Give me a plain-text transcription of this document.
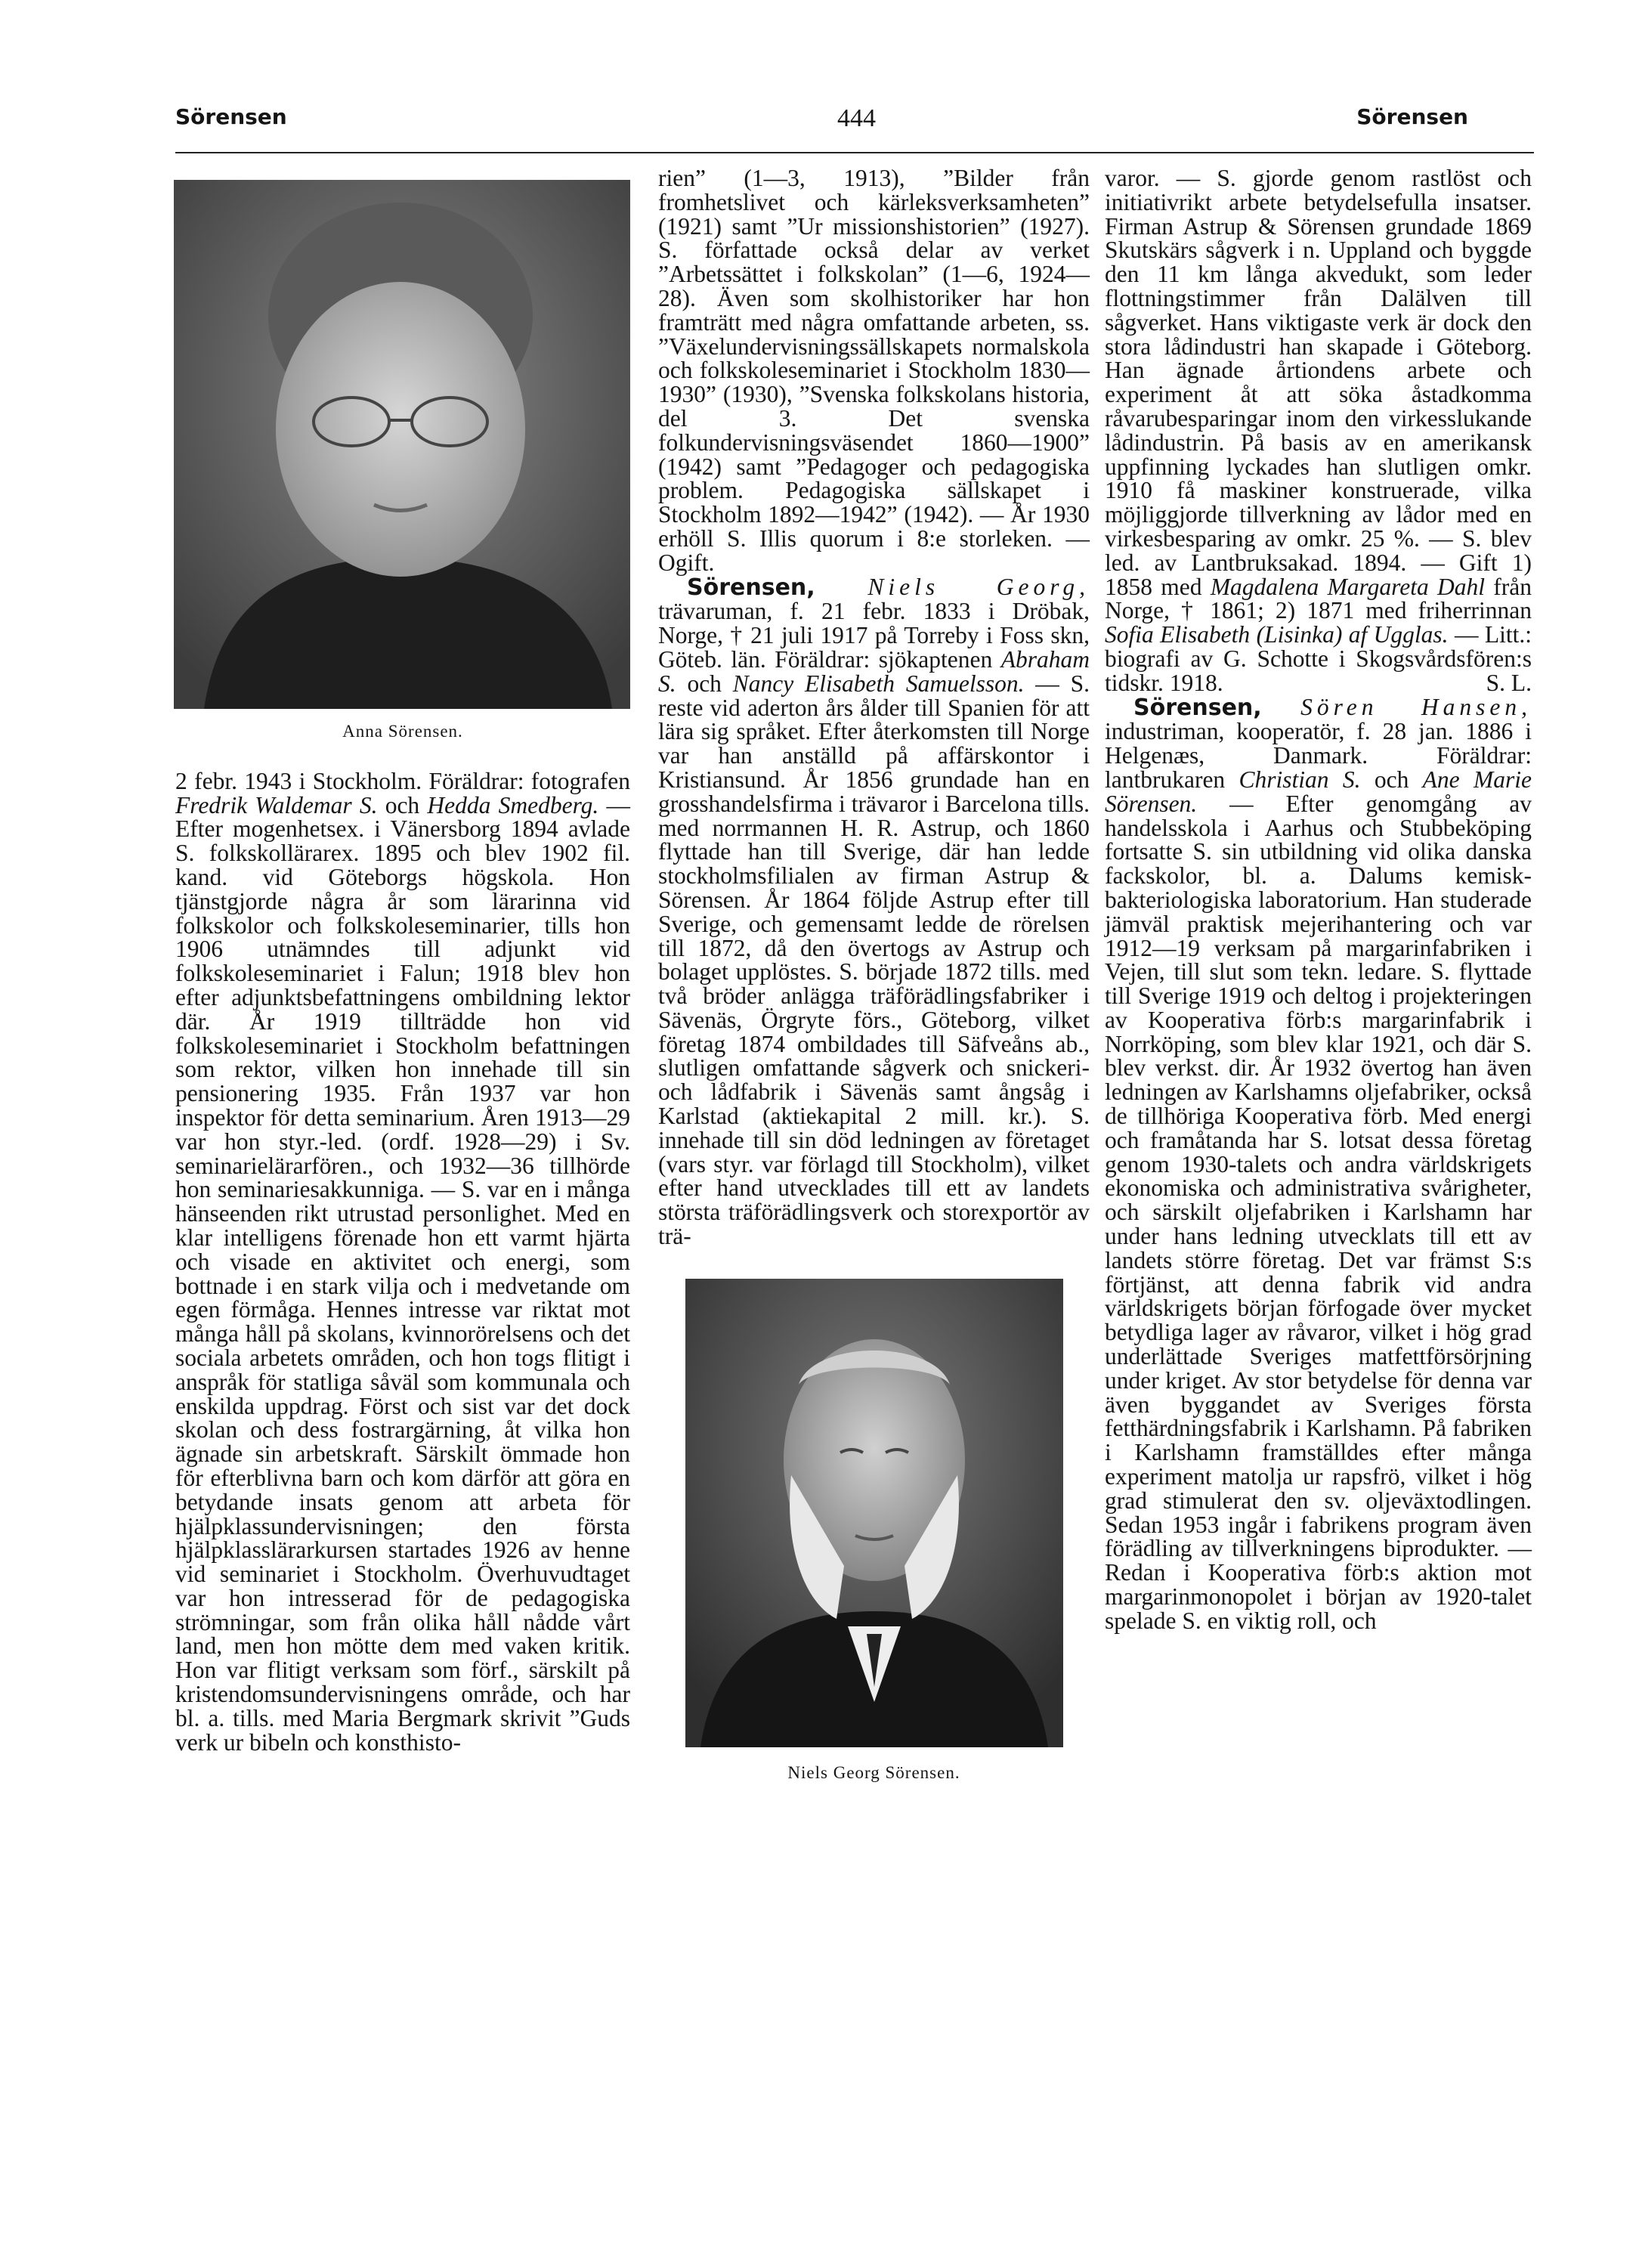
Sörensen	444	Sörensen
Anna Sörensen.

2 febr. 1943 i Stockholm. Föräldrar: fotografen Fredrik Waldemar S. och Hedda Smedberg. — Efter mogenhetsex. i Vänersborg 1894 avlade S. folkskollärarex. 1895 och blev 1902 fil. kand. vid Göteborgs högskola. Hon tjänstgjorde några år som lärarinna vid folkskolor och folkskoleseminarier, tills hon 1906 utnämndes till adjunkt vid folkskoleseminariet i Falun; 1918 blev hon efter adjunktsbefattningens ombildning lektor där. År 1919 tillträdde hon vid folkskoleseminariet i Stockholm befattningen som rektor, vilken hon innehade till sin pensionering 1935. Från 1937 var hon inspektor för detta seminarium. Åren 1913—29 var hon styr.-led. (ordf. 1928—29) i Sv. seminarielärarfören., och 1932—36 tillhörde hon seminariesakkunniga. — S. var en i många hänseenden rikt utrustad personlighet. Med en klar intelligens förenade hon ett varmt hjärta och visade en aktivitet och energi, som bottnade i en stark vilja och i medvetande om egen förmåga. Hennes intresse var riktat mot många håll på skolans, kvinnorörelsens och det sociala arbetets områden, och hon togs flitigt i anspråk för statliga såväl som kommunala och enskilda uppdrag. Först och sist var det dock skolan och dess fostrargärning, åt vilka hon ägnade sin arbetskraft. Särskilt ömmade hon för efterblivna barn och kom därför att göra en betydande insats genom att arbeta för hjälpklassundervisningen; den första hjälpklasslärarkursen startades 1926 av henne vid seminariet i Stockholm. Överhuvudtaget var hon intresserad för de pedagogiska strömningar, som från olika håll nådde vårt land, men hon mötte dem med vaken kritik. Hon var flitigt verksam som förf., särskilt på kristendomsundervisningens område, och har bl. a. tills. med Maria Bergmark skrivit ”Guds verk ur bibeln och konsthisto-

rien” (1—3, 1913), ”Bilder från fromhetslivet och kärleksverksamheten” (1921) samt ”Ur missionshistorien” (1927). S. författade också delar av verket ”Arbetssättet i folkskolan” (1—6, 1924—28). Även som skolhistoriker har hon framträtt med några omfattande arbeten, ss. ”Växelundervisningssällskapets normalskola och folkskoleseminariet i Stockholm 1830—1930” (1930), ”Svenska folkskolans historia, del 3. Det svenska folkundervisningsväsendet 1860—1900” (1942) samt ”Pedagoger och pedagogiska problem. Pedagogiska sällskapet i Stockholm 1892—1942” (1942). — År 1930 erhöll S. Illis quorum i 8:e storleken. — Ogift.

Sörensen, Niels Georg, trävaruman, f. 21 febr. 1833 i Dröbak, Norge, † 21 juli 1917 på Torreby i Foss skn, Göteb. län. Föräldrar: sjökaptenen Abraham S. och Nancy Elisabeth Samuelsson. — S. reste vid aderton års ålder till Spanien för att lära sig språket. Efter återkomsten till Norge var han anställd på affärskontor i Kristiansund. År 1856 grundade han en grosshandelsfirma i trävaror i Barcelona tills. med norrmannen H. R. Astrup, och 1860 flyttade han till Sverige, där han ledde stockholmsfilialen av firman Astrup & Sörensen. År 1864 följde Astrup efter till Sverige, och gemensamt ledde de rörelsen till 1872, då den övertogs av Astrup och bolaget upplöstes. S. började 1872 tills. med två bröder anlägga träförädlingsfabriker i Sävenäs, Örgryte förs., Göteborg, vilket företag 1874 ombildades till Säfveåns ab., slutligen omfattande sågverk och snickeri- och lådfabrik i Sävenäs samt ångsåg i Karlstad (aktiekapital 2 mill. kr.). S. innehade till sin död ledningen av företaget (vars styr. var förlagd till Stockholm), vilket efter hand utvecklades till ett av landets största träförädlingsverk och storexportör av trä-

Niels Georg Sörensen.

varor. — S. gjorde genom rastlöst och initiativrikt arbete betydelsefulla insatser. Firman Astrup & Sörensen grundade 1869 Skutskärs sågverk i n. Uppland och byggde den 11 km långa akvedukt, som leder flottningstimmer från Dalälven till sågverket. Hans viktigaste verk är dock den stora lådindustri han skapade i Göteborg. Han ägnade årtiondens arbete och experiment åt att söka åstadkomma råvarubesparingar inom den virkesslukande lådindustrin. På basis av en amerikansk uppfinning lyckades han slutligen omkr. 1910 få maskiner konstruerade, vilka möjliggjorde tillverkning av lådor med en virkesbesparing av omkr. 25 %. — S. blev led. av Lantbruksakad. 1894. — Gift 1) 1858 med Magdalena Margareta Dahl från Norge, † 1861; 2) 1871 med friherrinnan Sofia Elisabeth (Lisinka) af Ugglas. — Litt.: biografi av G. Schotte i Skogsvårdsfören:s tidskr. 1918.	S. L.

Sörensen, Sören Hansen, industriman, kooperatör, f. 28 jan. 1886 i Helgenæs, Danmark. Föräldrar: lantbrukaren Christian S. och Ane Marie Sörensen. — Efter genomgång av handelsskola i Aarhus och Stubbeköping fortsatte S. sin utbildning vid olika danska fackskolor, bl. a. Dalums kemisk-bakteriologiska laboratorium. Han studerade jämväl praktisk mejerihantering och var 1912—19 verksam på margarinfabriken i Vejen, till slut som tekn. ledare. S. flyttade till Sverige 1919 och deltog i projekteringen av Kooperativa förb:s margarinfabrik i Norrköping, som blev klar 1921, och där S. blev verkst. dir. År 1932 övertog han även ledningen av Karlshamns oljefabriker, också de tillhöriga Kooperativa förb. Med energi och framåtanda har S. lotsat dessa företag genom 1930-talets och andra världskrigets ekonomiska och administrativa svårigheter, och särskilt oljefabriken i Karlshamn har under hans ledning utvecklats till ett av landets större företag. Det var främst S:s förtjänst, att denna fabrik vid andra världskrigets början förfogade över mycket betydliga lager av råvaror, vilket i hög grad underlättade Sveriges matfettförsörjning under kriget. Av stor betydelse för denna var även byggandet av Sveriges första fetthärdningsfabrik i Karlshamn. På fabriken i Karlshamn framställdes efter många experiment matolja ur rapsfrö, vilket i hög grad stimulerat den sv. oljeväxtodlingen. Sedan 1953 ingår i fabrikens program även förädling av tillverkningens biprodukter. — Redan i Kooperativa förb:s aktion mot margarinmonopolet i början av 1920-talet spelade S. en viktig roll, och
